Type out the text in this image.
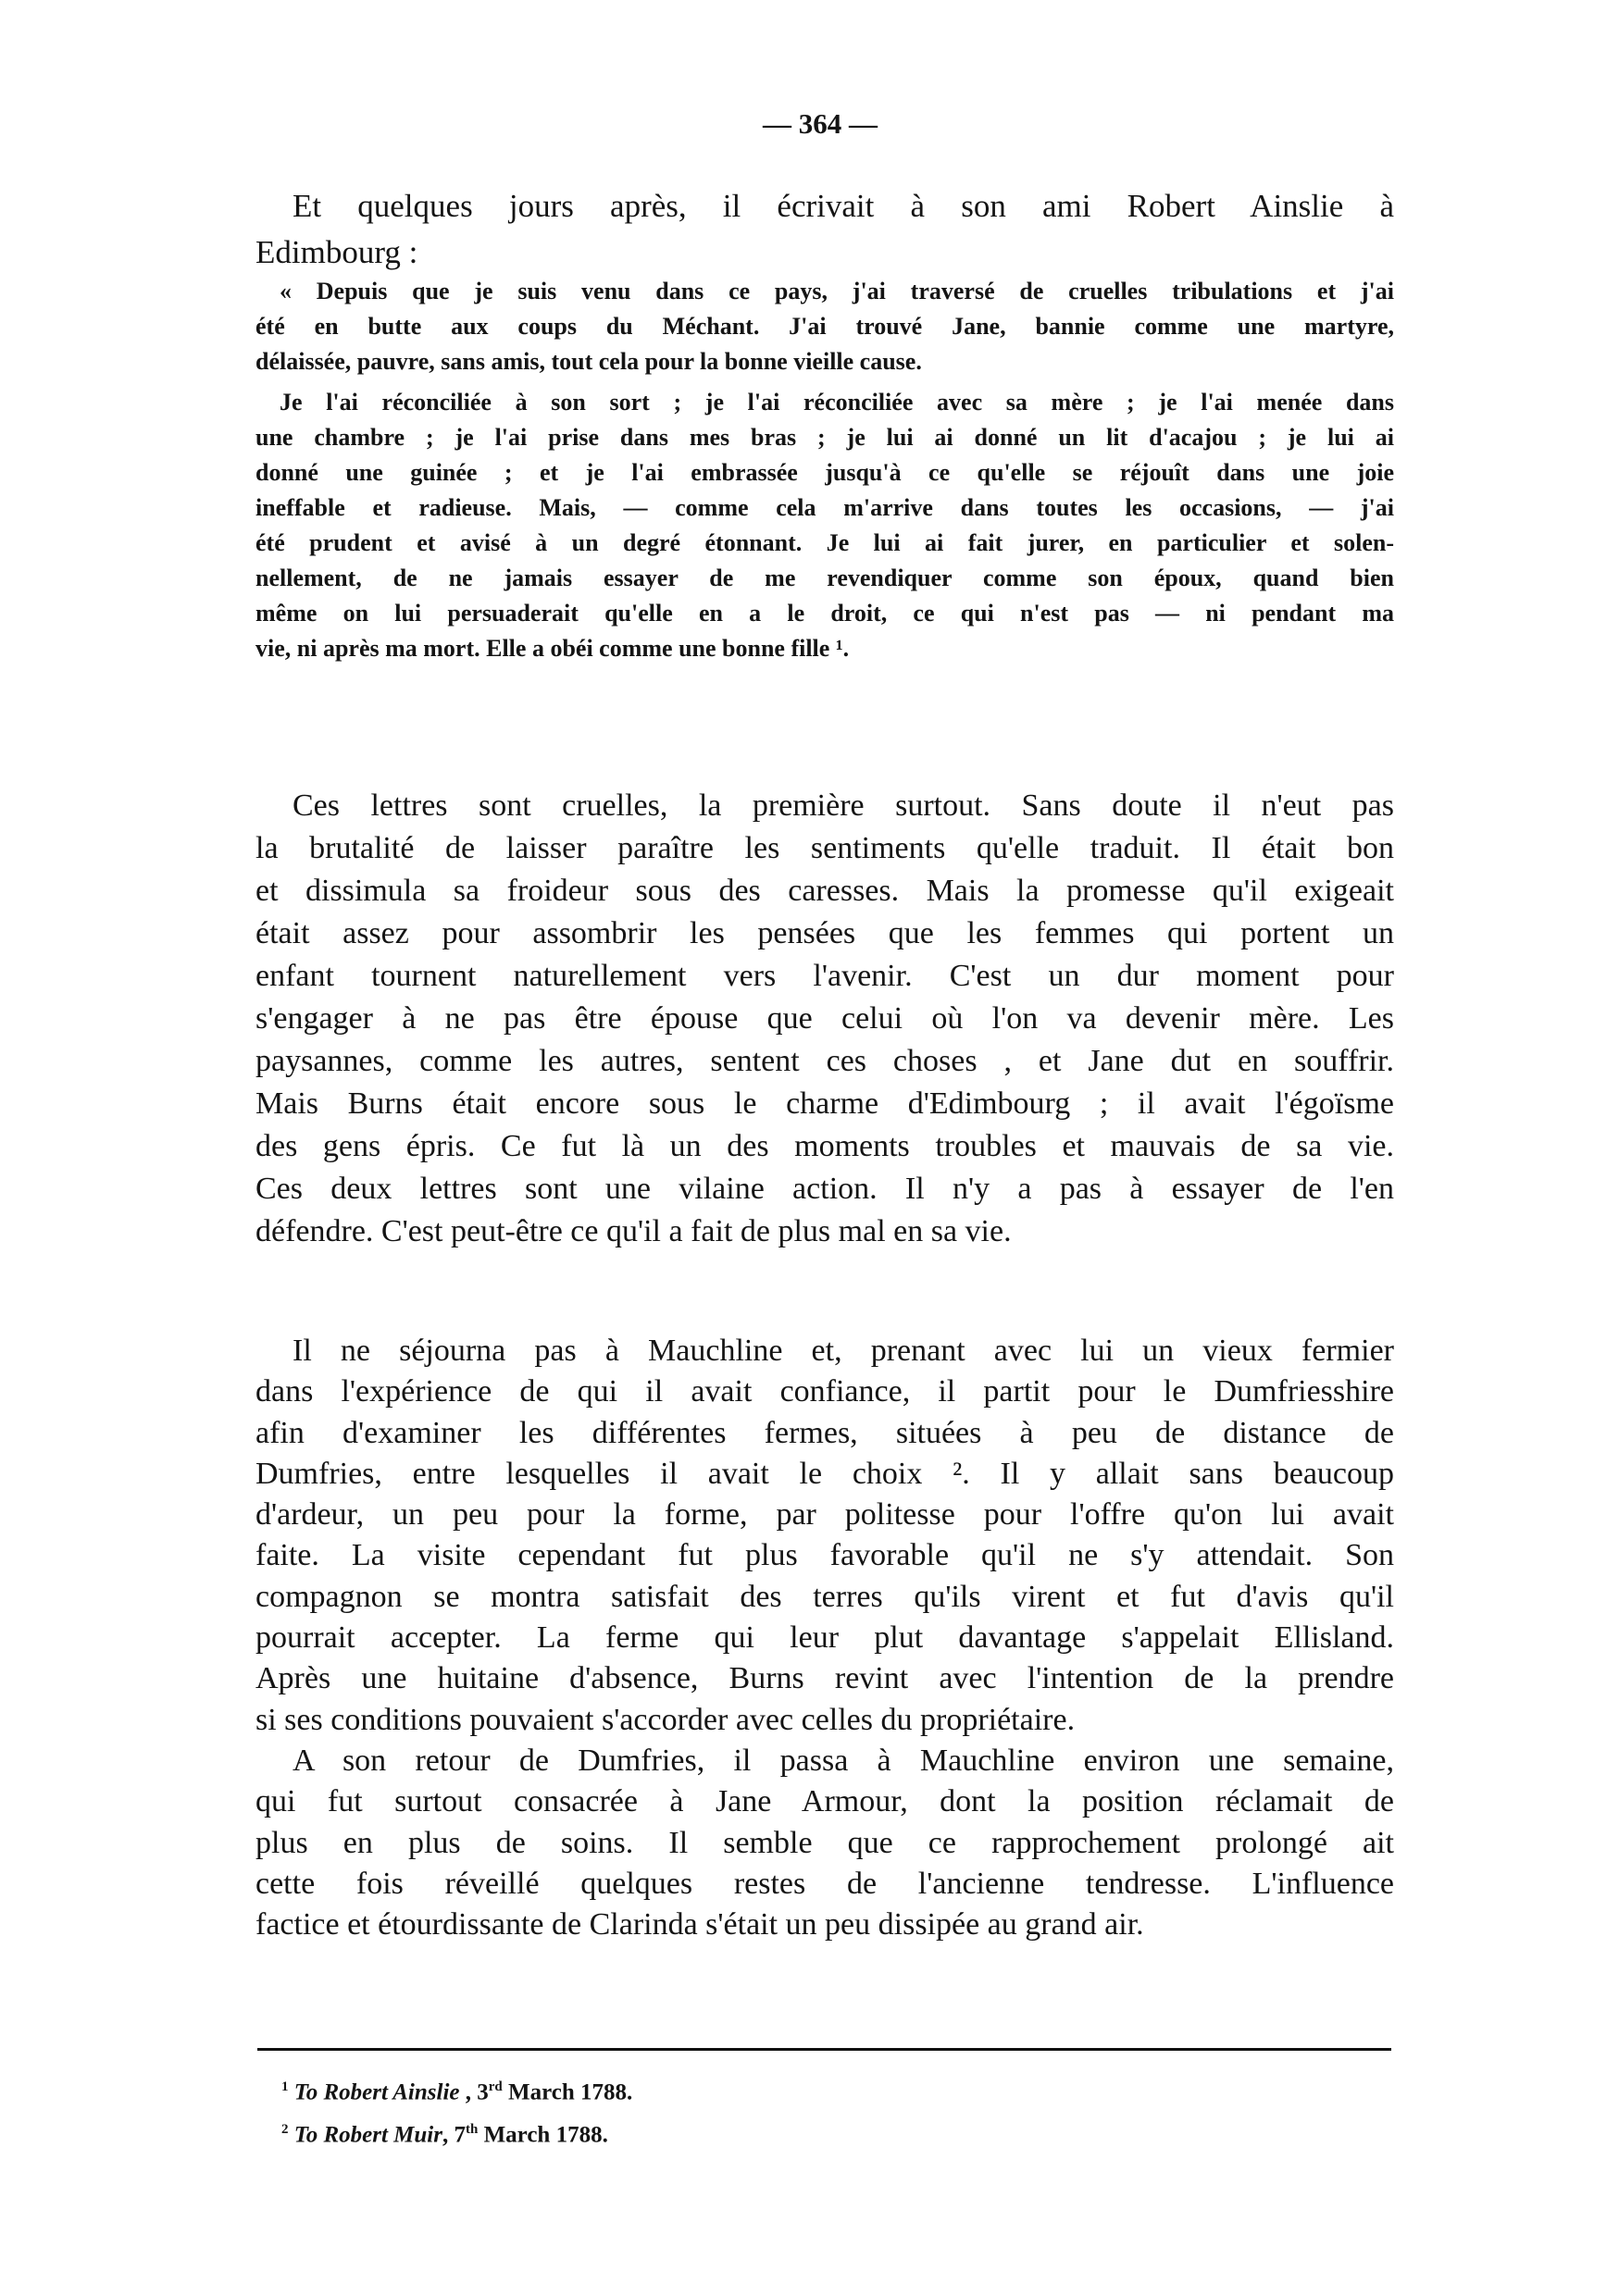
— 364 —
Et quelques jours après, il écrivait à son ami Robert Ainslie à
Edimbourg :
« Depuis que je suis venu dans ce pays, j'ai traversé de cruelles tribulations et j'ai
été en butte aux coups du Méchant. J'ai trouvé Jane, bannie comme une martyre,
délaissée, pauvre, sans amis, tout cela pour la bonne vieille cause.
Je l'ai réconciliée à son sort ; je l'ai réconciliée avec sa mère ; je l'ai menée dans
une chambre ; je l'ai prise dans mes bras ; je lui ai donné un lit d'acajou ; je lui ai
donné une guinée ; et je l'ai embrassée jusqu'à ce qu'elle se réjouît dans une joie
ineffable et radieuse. Mais, — comme cela m'arrive dans toutes les occasions, — j'ai
été prudent et avisé à un degré étonnant. Je lui ai fait jurer, en particulier et solen-
nellement, de ne jamais essayer de me revendiquer comme son époux, quand bien
même on lui persuaderait qu'elle en a le droit, ce qui n'est pas — ni pendant ma
vie, ni après ma mort. Elle a obéi comme une bonne fille ¹.
Ces lettres sont cruelles, la première surtout. Sans doute il n'eut pas
la brutalité de laisser paraître les sentiments qu'elle traduit. Il était bon
et dissimula sa froideur sous des caresses. Mais la promesse qu'il exigeait
était assez pour assombrir les pensées que les femmes qui portent un
enfant tournent naturellement vers l'avenir. C'est un dur moment pour
s'engager à ne pas être épouse que celui où l'on va devenir mère. Les
paysannes, comme les autres, sentent ces choses , et Jane dut en souffrir.
Mais Burns était encore sous le charme d'Edimbourg ; il avait l'égoïsme
des gens épris. Ce fut là un des moments troubles et mauvais de sa vie.
Ces deux lettres sont une vilaine action. Il n'y a pas à essayer de l'en
défendre. C'est peut-être ce qu'il a fait de plus mal en sa vie.
Il ne séjourna pas à Mauchline et, prenant avec lui un vieux fermier
dans l'expérience de qui il avait confiance, il partit pour le Dumfriesshire
afin d'examiner les différentes fermes, situées à peu de distance de
Dumfries, entre lesquelles il avait le choix ². Il y allait sans beaucoup
d'ardeur, un peu pour la forme, par politesse pour l'offre qu'on lui avait
faite. La visite cependant fut plus favorable qu'il ne s'y attendait. Son
compagnon se montra satisfait des terres qu'ils virent et fut d'avis qu'il
pourrait accepter. La ferme qui leur plut davantage s'appelait Ellisland.
Après une huitaine d'absence, Burns revint avec l'intention de la prendre
si ses conditions pouvaient s'accorder avec celles du propriétaire.
A son retour de Dumfries, il passa à Mauchline environ une semaine,
qui fut surtout consacrée à Jane Armour, dont la position réclamait de
plus en plus de soins. Il semble que ce rapprochement prolongé ait
cette fois réveillé quelques restes de l'ancienne tendresse. L'influence
factice et étourdissante de Clarinda s'était un peu dissipée au grand air.
$^1$ To Robert Ainslie , 3rd March 1788.
$^2$ To Robert Muir, 7th March 1788.
